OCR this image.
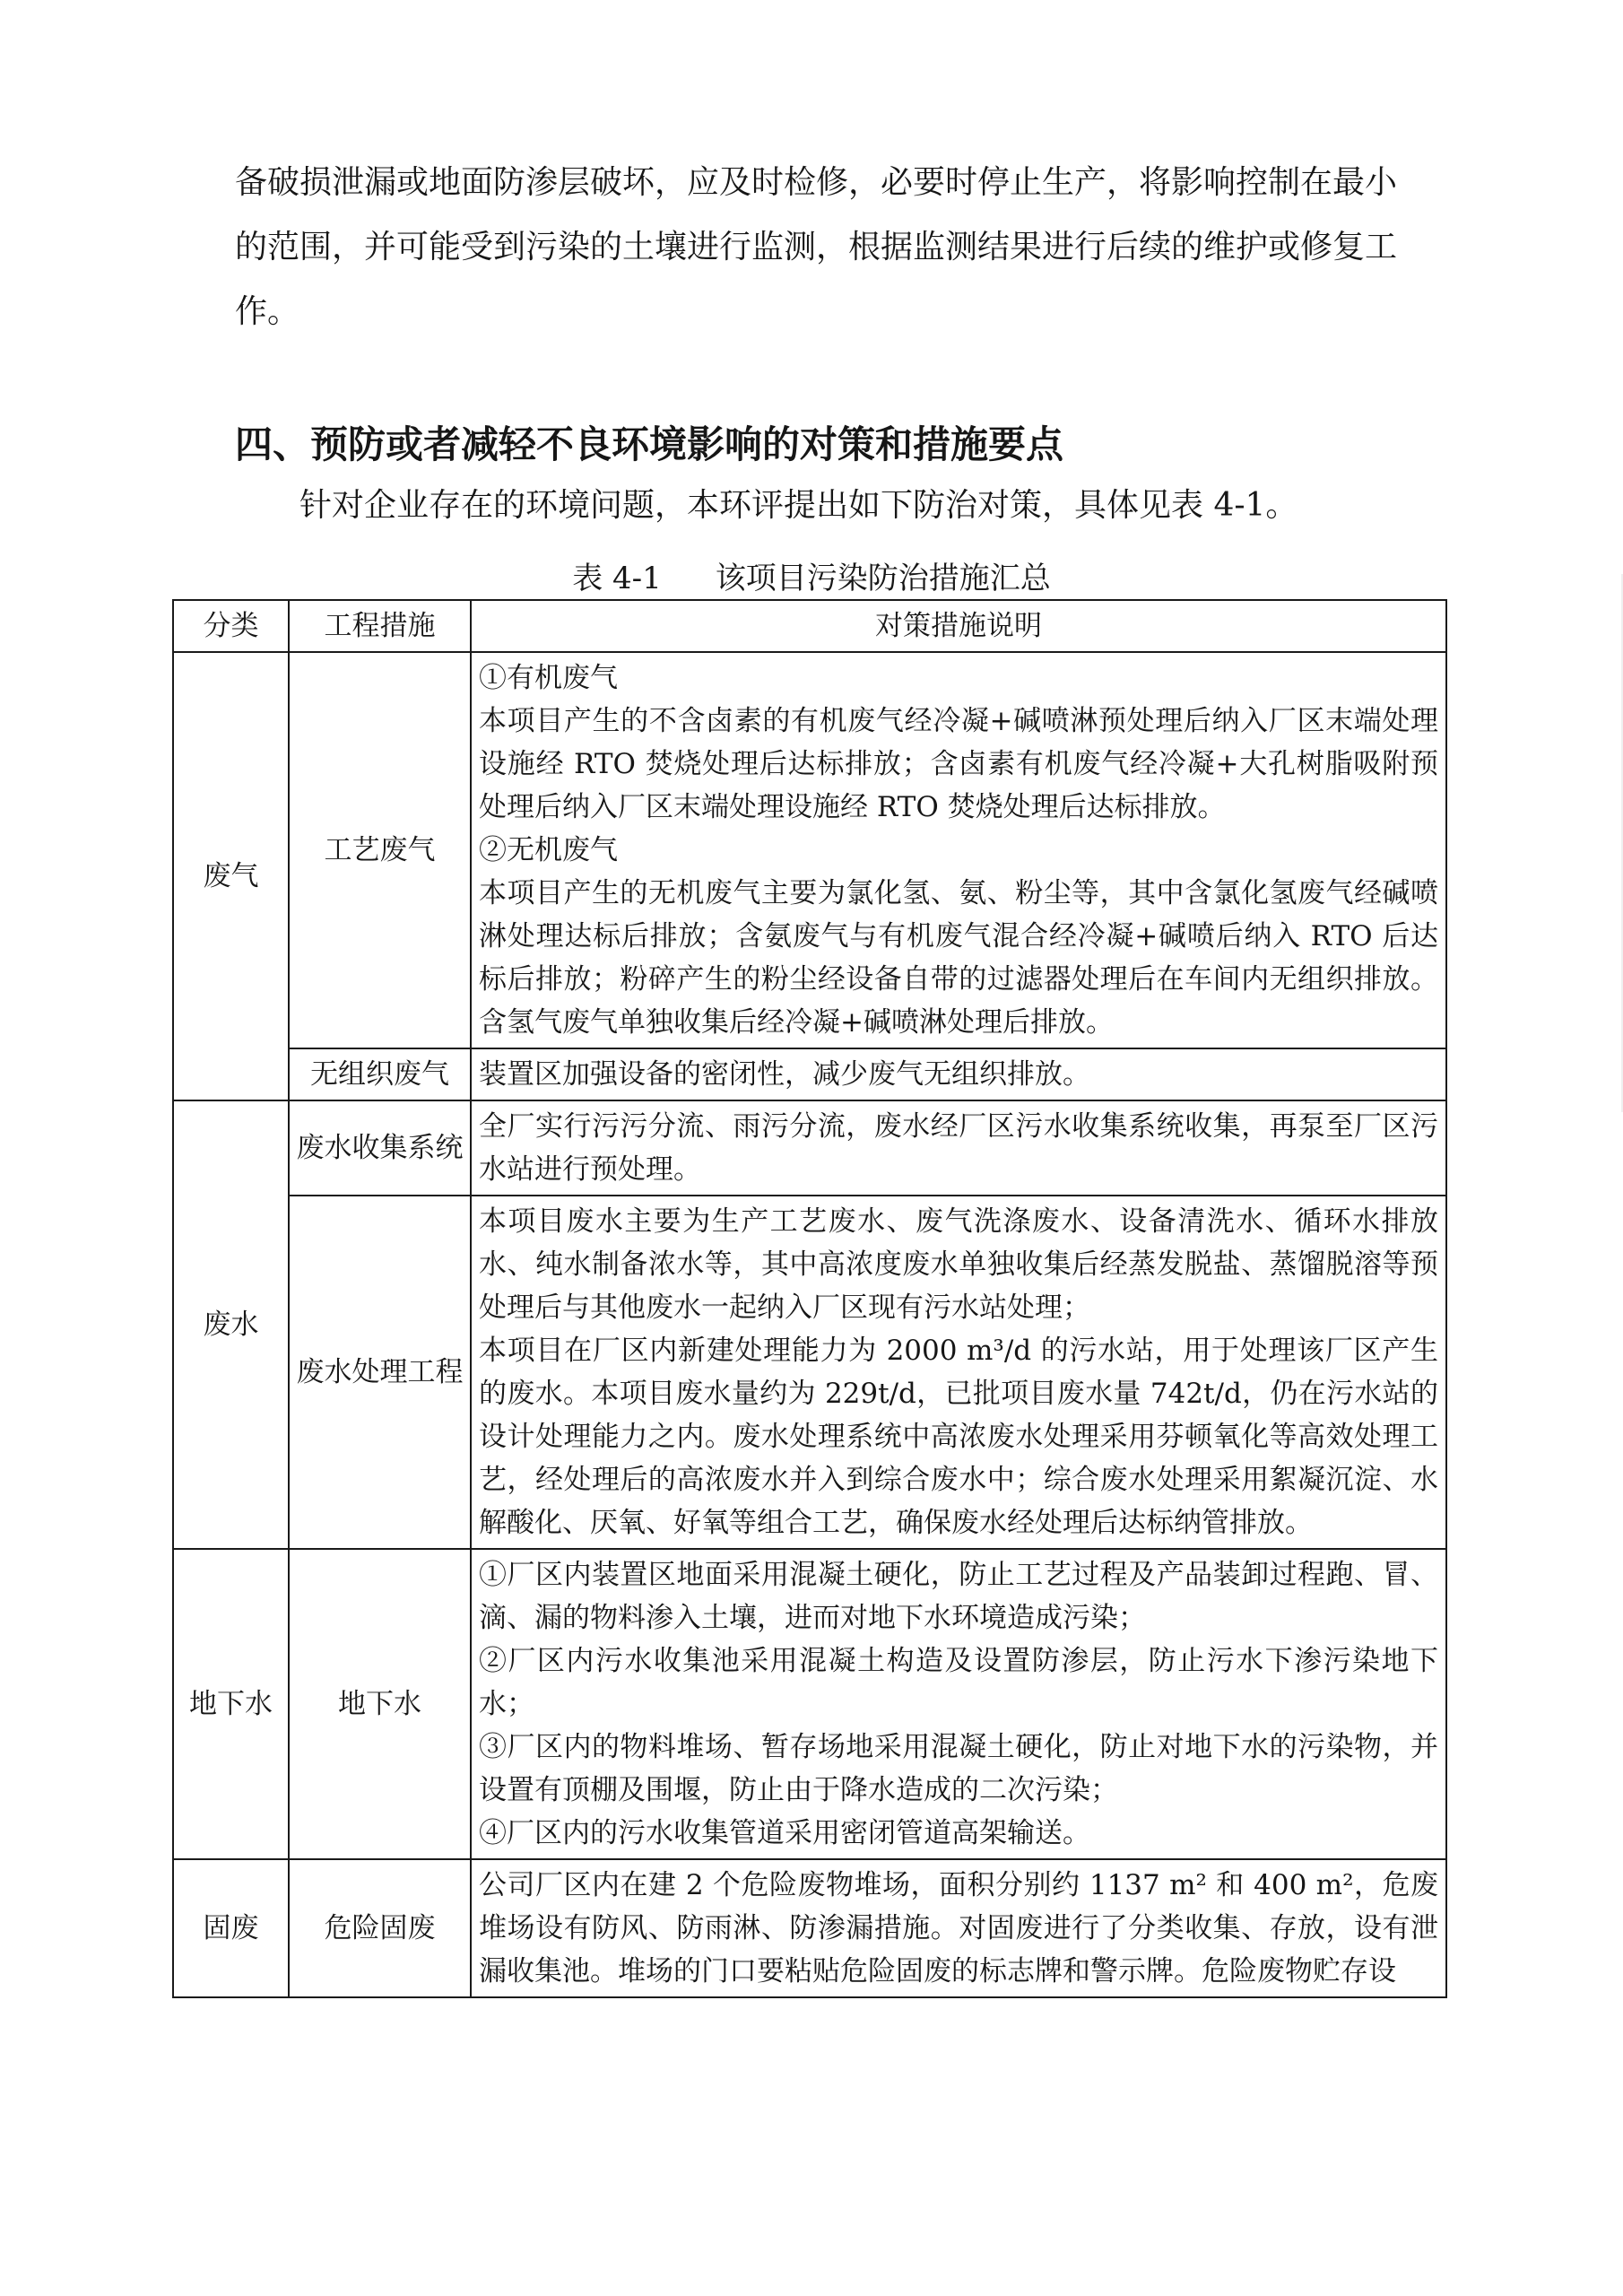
备破损泄漏或地面防渗层破坏，应及时检修，必要时停止生产，将影响控制在最小的范围，并可能受到污染的土壤进行监测，根据监测结果进行后续的维护或修复工作。

四、预防或者减轻不良环境影响的对策和措施要点

针对企业存在的环境问题，本环评提出如下防治对策，具体见表 4-1。

表 4-1 该项目污染防治措施汇总

分类	工程措施	对策措施说明
废气	工艺废气	①有机废气

本项目产生的不含卤素的有机废气经冷凝+碱喷淋预处理后纳入厂区末端处理设施经 RTO 焚烧处理后达标排放；含卤素有机废气经冷凝+大孔树脂吸附预处理后纳入厂区末端处理设施经 RTO 焚烧处理后达标排放。

②无机废气

本项目产生的无机废气主要为氯化氢、氨、粉尘等，其中含氯化氢废气经碱喷淋处理达标后排放；含氨废气与有机废气混合经冷凝+碱喷后纳入 RTO 后达标后排放；粉碎产生的粉尘经设备自带的过滤器处理后在车间内无组织排放。含氢气废气单独收集后经冷凝+碱喷淋处理后排放。

	无组织废气	装置区加强设备的密闭性，减少废气无组织排放。

废水	废水收集系统	全厂实行污污分流、雨污分流，废水经厂区污水收集系统收集，再泵至厂区污水站进行预处理。

	废水处理工程	本项目废水主要为生产工艺废水、废气洗涤废水、设备清洗水、循环水排放水、纯水制备浓水等，其中高浓度废水单独收集后经蒸发脱盐、蒸馏脱溶等预处理后与其他废水一起纳入厂区现有污水站处理；

本项目在厂区内新建处理能力为 2000 m³/d 的污水站，用于处理该厂区产生的废水。本项目废水量约为 229t/d，已批项目废水量 742t/d，仍在污水站的设计处理能力之内。废水处理系统中高浓废水处理采用芬顿氧化等高效处理工艺，经处理后的高浓废水并入到综合废水中；综合废水处理采用絮凝沉淀、水解酸化、厌氧、好氧等组合工艺，确保废水经处理后达标纳管排放。

地下水	地下水	①厂区内装置区地面采用混凝土硬化，防止工艺过程及产品装卸过程跑、冒、滴、漏的物料渗入土壤，进而对地下水环境造成污染；

②厂区内污水收集池采用混凝土构造及设置防渗层，防止污水下渗污染地下水；

③厂区内的物料堆场、暂存场地采用混凝土硬化，防止对地下水的污染物，并设置有顶棚及围堰，防止由于降水造成的二次污染；

④厂区内的污水收集管道采用密闭管道高架输送。

固废	危险固废	公司厂区内在建 2 个危险废物堆场，面积分别约 1137 m² 和 400 m²，危废堆场设有防风、防雨淋、防渗漏措施。对固废进行了分类收集、存放，设有泄漏收集池。堆场的门口要粘贴危险固废的标志牌和警示牌。危险废物贮存设
